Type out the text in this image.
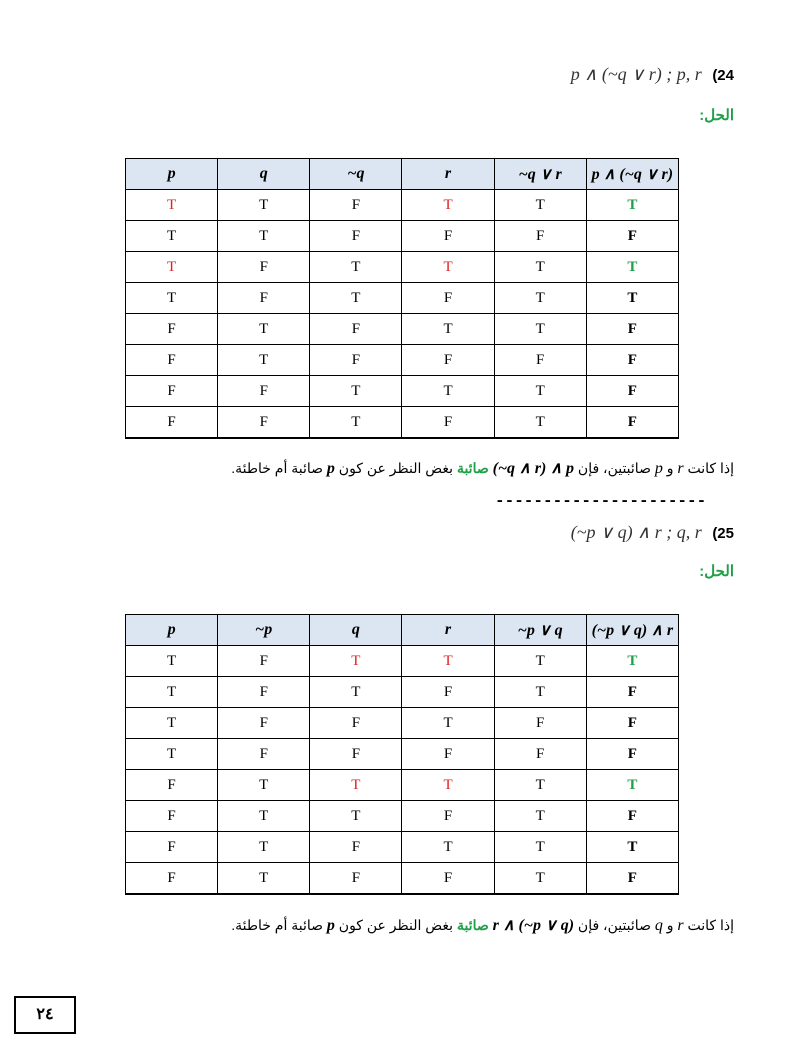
p ∧ (~q ∨ r) ; p, r (24
الحل:
p	q	~q	r	~q ∨ r	p ∧ (~q ∨ r)
T	T	F	T	T	T
T	T	F	F	F	F
T	F	T	T	T	T
T	F	T	F	T	T
F	T	F	T	T	F
F	T	F	F	F	F
F	F	T	T	T	F
F	F	T	F	T	F
إذا كانت r و p صائبتين، فإن (~q ∧ r) ∧ p صائبة بغض النظر عن كون p صائبة أم خاطئة.
----------------------
(~p ∨ q) ∧ r ; q, r (25
الحل:
p	~p	q	r	~p ∨ q	(~p ∨ q) ∧ r
T	F	T	T	T	T
T	F	T	F	T	F
T	F	F	T	F	F
T	F	F	F	F	F
F	T	T	T	T	T
F	T	T	F	T	F
F	T	F	T	T	T
F	T	F	F	T	F
إذا كانت r و q صائبتين، فإن r ∧ (~p ∨ q) صائبة بغض النظر عن كون p صائبة أم خاطئة.
٢٤
